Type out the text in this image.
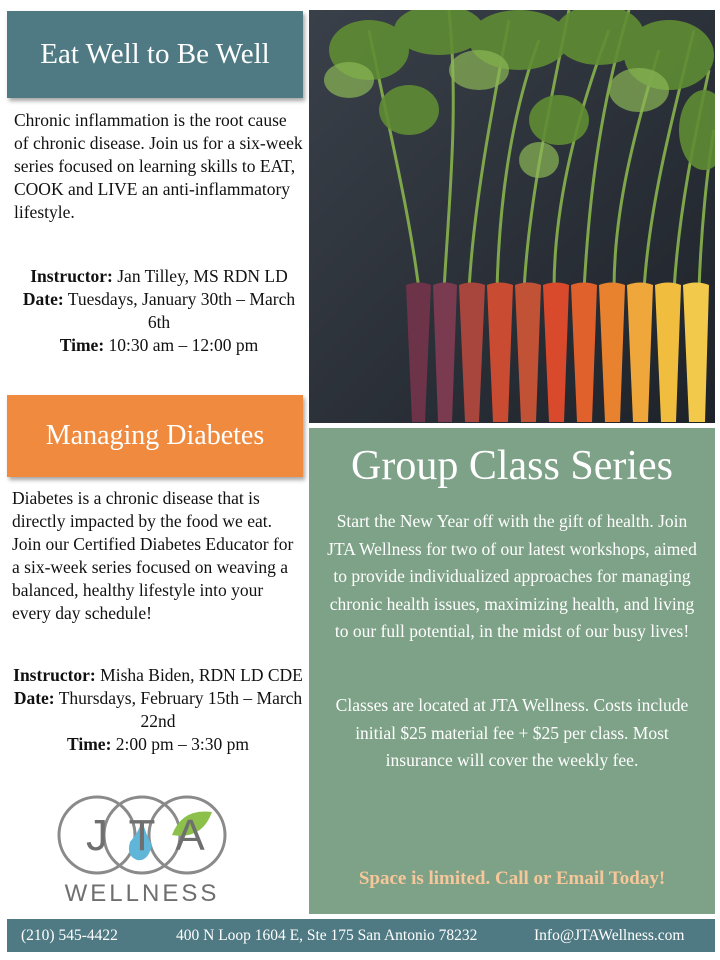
Eat Well to Be Well
Chronic inflammation is the root cause of chronic disease. Join us for a six-week series focused on learning skills to EAT, COOK and LIVE an anti-inflammatory lifestyle.
Instructor: Jan Tilley, MS RDN LD
Date: Tuesdays, January 30th – March 6th
Time: 10:30 am – 12:00 pm
Managing Diabetes
Diabetes is a chronic disease that is directly impacted by the food we eat. Join our Certified Diabetes Educator for a six-week series focused on weaving a balanced, healthy lifestyle into your every day schedule!
Instructor: Misha Biden, RDN LD CDE
Date: Thursdays, February 15th – March 22nd
Time: 2:00 pm – 3:30 pm
Group Class Series
Start the New Year off with the gift of health. Join JTA Wellness for two of our latest workshops, aimed to provide individualized approaches for managing chronic health issues, maximizing health, and living to our full potential, in the midst of our busy lives!
Classes are located at JTA Wellness. Costs include initial $25 material fee + $25 per class. Most insurance will cover the weekly fee.
Space is limited. Call or Email Today!
J T A
WELLNESS
(210) 545-4422	400 N Loop 1604 E, Ste 175 San Antonio 78232	Info@JTAWellness.com
